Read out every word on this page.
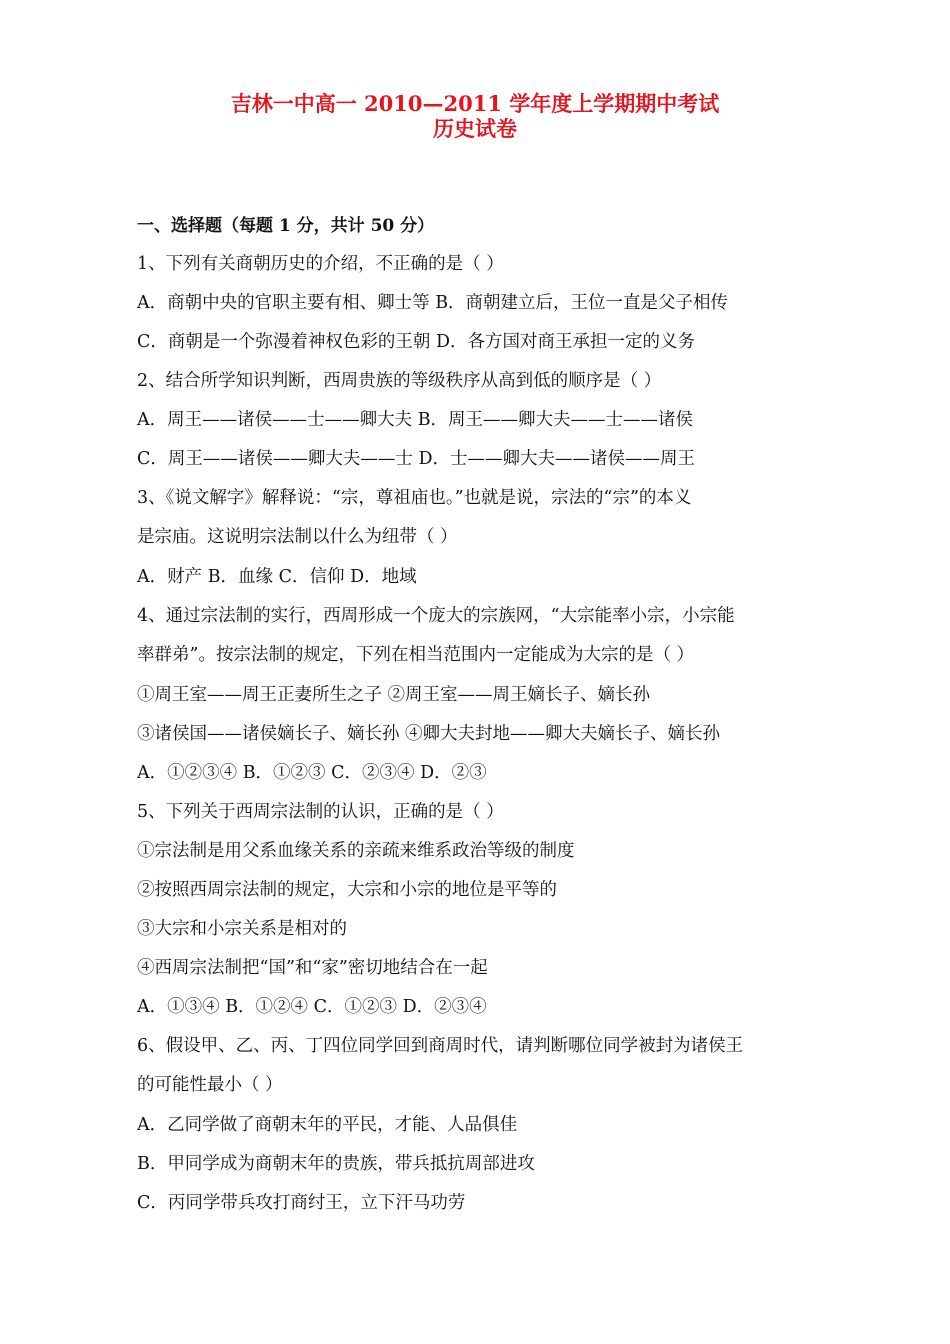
吉林一中高一 2010—2011 学年度上学期期中考试
历史试卷
一、选择题（每题 1 分，共计 50 分）
1、下列有关商朝历史的介绍，不正确的是（ ）
A．商朝中央的官职主要有相、卿士等 B．商朝建立后，王位一直是父子相传
C．商朝是一个弥漫着神权色彩的王朝 D．各方国对商王承担一定的义务
2、结合所学知识判断，西周贵族的等级秩序从高到低的顺序是（ ）
A．周王——诸侯——士——卿大夫 B．周王——卿大夫——士——诸侯
C．周王——诸侯——卿大夫——士 D．士——卿大夫——诸侯——周王
3、《说文解字》解释说：“宗，尊祖庙也。”也就是说，宗法的“宗”的本义
是宗庙。这说明宗法制以什么为纽带（ ）
A．财产 B．血缘 C．信仰 D．地域
4、通过宗法制的实行，西周形成一个庞大的宗族网，“大宗能率小宗，小宗能
率群弟”。按宗法制的规定，下列在相当范围内一定能成为大宗的是（ ）
①周王室——周王正妻所生之子 ②周王室——周王嫡长子、嫡长孙
③诸侯国——诸侯嫡长子、嫡长孙 ④卿大夫封地——卿大夫嫡长子、嫡长孙
A．①②③④ B．①②③ C．②③④ D．②③
5、下列关于西周宗法制的认识，正确的是（ ）
①宗法制是用父系血缘关系的亲疏来维系政治等级的制度
②按照西周宗法制的规定，大宗和小宗的地位是平等的
③大宗和小宗关系是相对的
④西周宗法制把“国”和“家”密切地结合在一起
A．①③④ B．①②④ C．①②③ D．②③④
6、假设甲、乙、丙、丁四位同学回到商周时代，请判断哪位同学被封为诸侯王
的可能性最小（ ）
A．乙同学做了商朝末年的平民，才能、人品俱佳
B．甲同学成为商朝末年的贵族，带兵抵抗周部进攻
C．丙同学带兵攻打商纣王，立下汗马功劳
